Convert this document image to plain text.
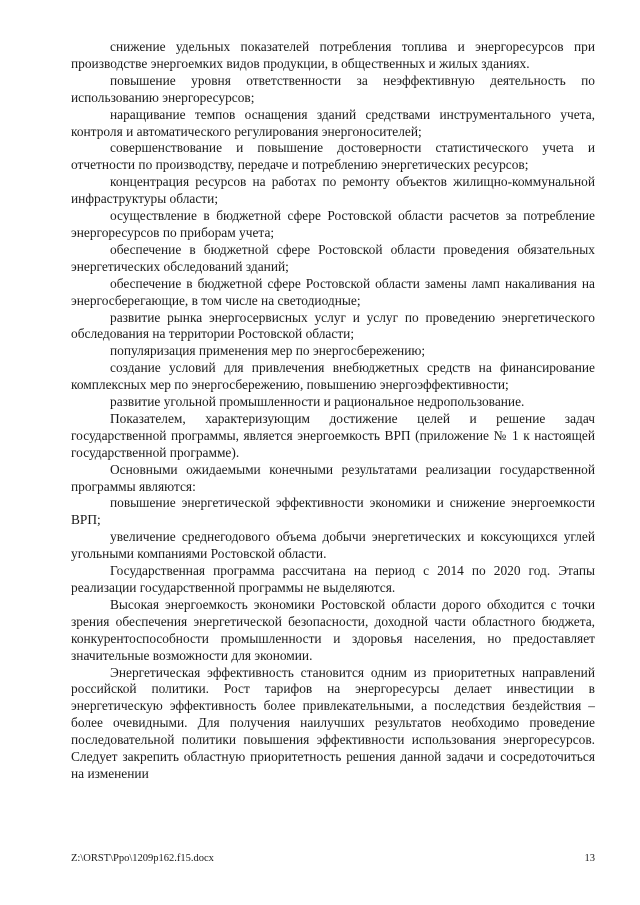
снижение удельных показателей потребления топлива и энергоресурсов при производстве энергоемких видов продукции, в общественных и жилых зданиях.

повышение уровня ответственности за неэффективную деятельность по использованию энергоресурсов;

наращивание темпов оснащения зданий средствами инструментального учета, контроля и автоматического регулирования энергоносителей;

совершенствование и повышение достоверности статистического учета и отчетности по производству, передаче и потреблению энергетических ресурсов;

концентрация ресурсов на работах по ремонту объектов жилищно-коммунальной инфраструктуры области;

осуществление в бюджетной сфере Ростовской области расчетов за потребление энергоресурсов по приборам учета;

обеспечение в бюджетной сфере Ростовской области проведения обязательных энергетических обследований зданий;

обеспечение в бюджетной сфере Ростовской области замены ламп накаливания на энергосберегающие, в том числе на светодиодные;

развитие рынка энергосервисных услуг и услуг по проведению энергетического обследования на территории Ростовской области;

популяризация применения мер по энергосбережению;

создание условий для привлечения внебюджетных средств на финансирование комплексных мер по энергосбережению, повышению энергоэффективности;

развитие угольной промышленности и рациональное недропользование.

Показателем, характеризующим достижение целей и решение задач государственной программы, является энергоемкость ВРП (приложение № 1 к настоящей государственной программе).

Основными ожидаемыми конечными результатами реализации государственной программы являются:

повышение энергетической эффективности экономики и снижение энергоемкости ВРП;

увеличение среднегодового объема добычи энергетических и коксующихся углей угольными компаниями Ростовской области.

Государственная программа рассчитана на период с 2014 по 2020 год. Этапы реализации государственной программы не выделяются.

Высокая энергоемкость экономики Ростовской области дорого обходится с точки зрения обеспечения энергетической безопасности, доходной части областного бюджета, конкурентоспособности промышленности и здоровья населения, но предоставляет значительные возможности для экономии.

Энергетическая эффективность становится одним из приоритетных направлений российской политики. Рост тарифов на энергоресурсы делает инвестиции в энергетическую эффективность более привлекательными, а последствия бездействия – более очевидными. Для получения наилучших результатов необходимо проведение последовательной политики повышения эффективности использования энергоресурсов. Следует закрепить областную приоритетность решения данной задачи и сосредоточиться на изменении

Z:\ORST\Ppo\1209p162.f15.docx	13
